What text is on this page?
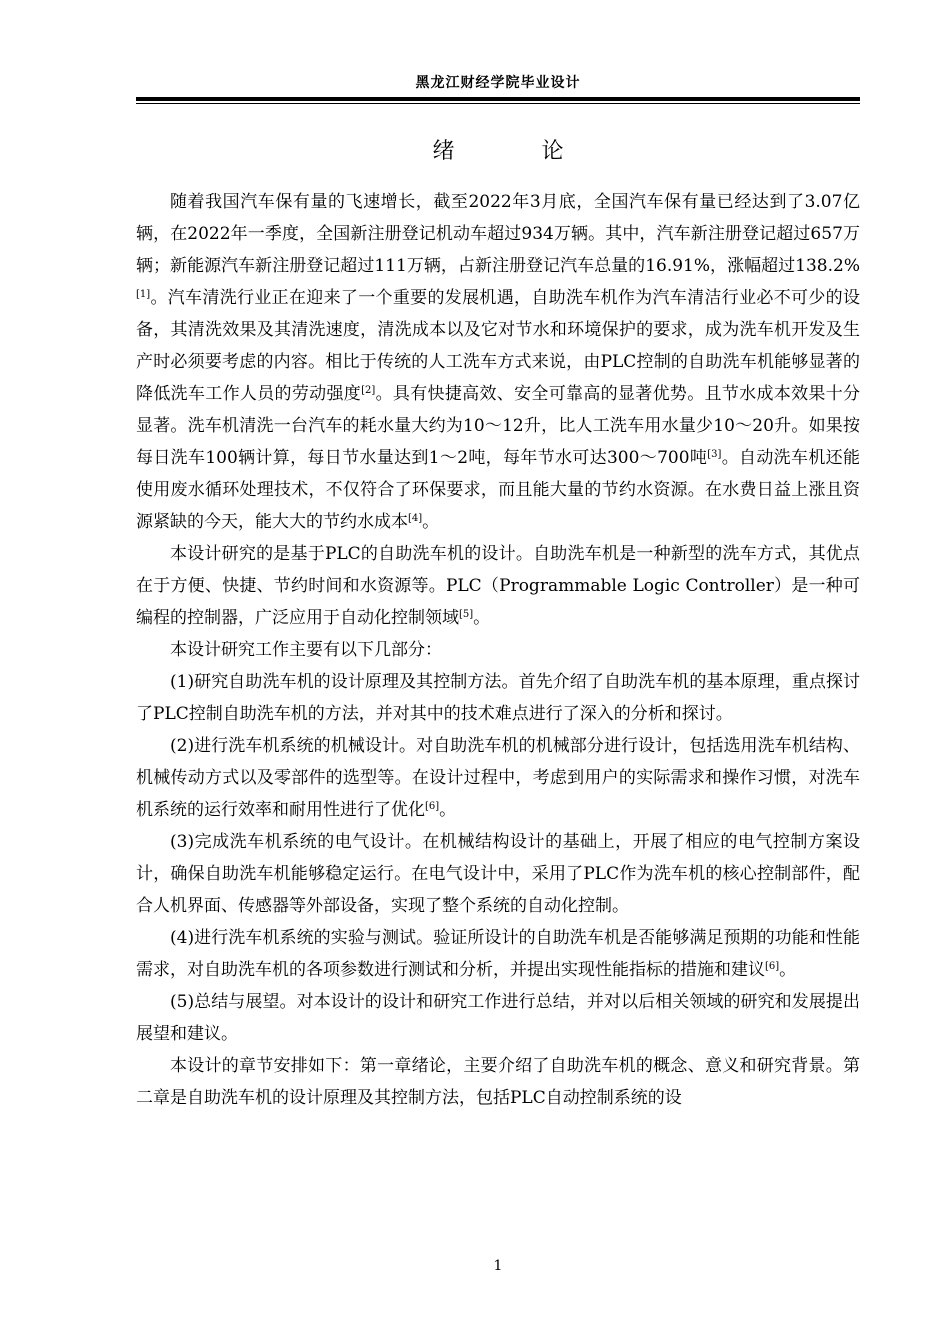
黑龙江财经学院毕业设计
绪 论

随着我国汽车保有量的飞速增长，截至2022年3月底，全国汽车保有量已经达到了3.07亿辆，在2022年一季度，全国新注册登记机动车超过934万辆。其中，汽车新注册登记超过657万辆；新能源汽车新注册登记超过111万辆，占新注册登记汽车总量的16.91%，涨幅超过138.2%[1]。汽车清洗行业正在迎来了一个重要的发展机遇，自助洗车机作为汽车清洁行业必不可少的设备，其清洗效果及其清洗速度，清洗成本以及它对节水和环境保护的要求，成为洗车机开发及生产时必须要考虑的内容。相比于传统的人工洗车方式来说，由PLC控制的自助洗车机能够显著的降低洗车工作人员的劳动强度[2]。具有快捷高效、安全可靠高的显著优势。且节水成本效果十分显著。洗车机清洗一台汽车的耗水量大约为10～12升，比人工洗车用水量少10～20升。如果按每日洗车100辆计算，每日节水量达到1～2吨，每年节水可达300～700吨[3]。自动洗车机还能使用废水循环处理技术，不仅符合了环保要求，而且能大量的节约水资源。在水费日益上涨且资源紧缺的今天，能大大的节约水成本[4]。

本设计研究的是基于PLC的自助洗车机的设计。自助洗车机是一种新型的洗车方式，其优点在于方便、快捷、节约时间和水资源等。PLC（Programmable Logic Controller）是一种可编程的控制器，广泛应用于自动化控制领域[5]。

本设计研究工作主要有以下几部分：

(1)研究自助洗车机的设计原理及其控制方法。首先介绍了自助洗车机的基本原理，重点探讨了PLC控制自助洗车机的方法，并对其中的技术难点进行了深入的分析和探讨。

(2)进行洗车机系统的机械设计。对自助洗车机的机械部分进行设计，包括选用洗车机结构、机械传动方式以及零部件的选型等。在设计过程中，考虑到用户的实际需求和操作习惯，对洗车机系统的运行效率和耐用性进行了优化[6]。

(3)完成洗车机系统的电气设计。在机械结构设计的基础上，开展了相应的电气控制方案设计，确保自助洗车机能够稳定运行。在电气设计中，采用了PLC作为洗车机的核心控制部件，配合人机界面、传感器等外部设备，实现了整个系统的自动化控制。

(4)进行洗车机系统的实验与测试。验证所设计的自助洗车机是否能够满足预期的功能和性能需求，对自助洗车机的各项参数进行测试和分析，并提出实现性能指标的措施和建议[6]。

(5)总结与展望。对本设计的设计和研究工作进行总结，并对以后相关领域的研究和发展提出展望和建议。

本设计的章节安排如下：第一章绪论，主要介绍了自助洗车机的概念、意义和研究背景。第二章是自助洗车机的设计原理及其控制方法，包括PLC自动控制系统的设

1
